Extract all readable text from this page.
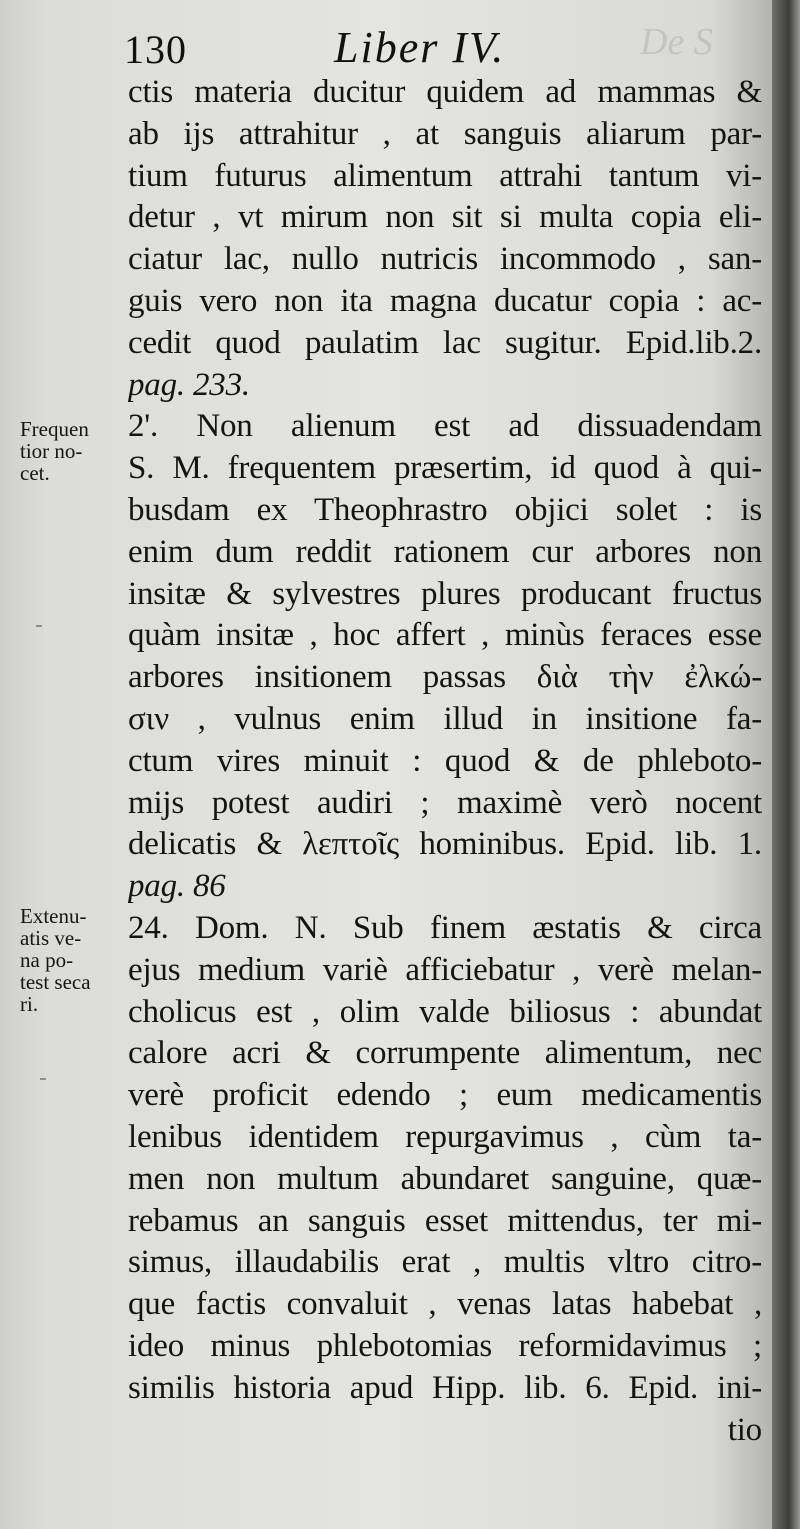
De S
130	Liber IV.
ctis materia ducitur quidem ad mammas &
ab ijs attrahitur , at sanguis aliarum par-
tium futurus alimentum attrahi tantum vi-
detur , vt mirum non sit si multa copia eli-
ciatur lac, nullo nutricis incommodo , san-
guis vero non ita magna ducatur copia : ac-
cedit quod paulatim lac sugitur. Epid.lib.2.
pag. 233.
2'. Non alienum est ad dissuadendam
S. M. frequentem præsertim, id quod à qui-
busdam ex Theophrastro objici solet : is
enim dum reddit rationem cur arbores non
insitæ & sylvestres plures producant fructus
quàm insitæ , hoc affert , minùs feraces esse
arbores insitionem passas διὰ τὴν ἐλκώ-
σιν , vulnus enim illud in insitione fa-
ctum vires minuit : quod & de phleboto-
mijs potest audiri ; maximè verò nocent
delicatis & λεπτοῖς hominibus. Epid. lib. 1.
pag. 86
24. Dom. N. Sub finem æstatis & circa
ejus medium variè afficiebatur , verè melan-
cholicus est , olim valde biliosus : abundat
calore acri & corrumpente alimentum, nec
verè proficit edendo ; eum medicamentis
lenibus identidem repurgavimus , cùm ta-
men non multum abundaret sanguine, quæ-
rebamus an sanguis esset mittendus, ter mi-
simus, illaudabilis erat , multis vltro citro-
que factis convaluit , venas latas habebat ,
ideo minus phlebotomias reformidavimus ;
similis historia apud Hipp. lib. 6. Epid. ini-
tio
Frequen
tior no-
cet.
Extenu-
atis ve-
na po-
test seca
ri.
